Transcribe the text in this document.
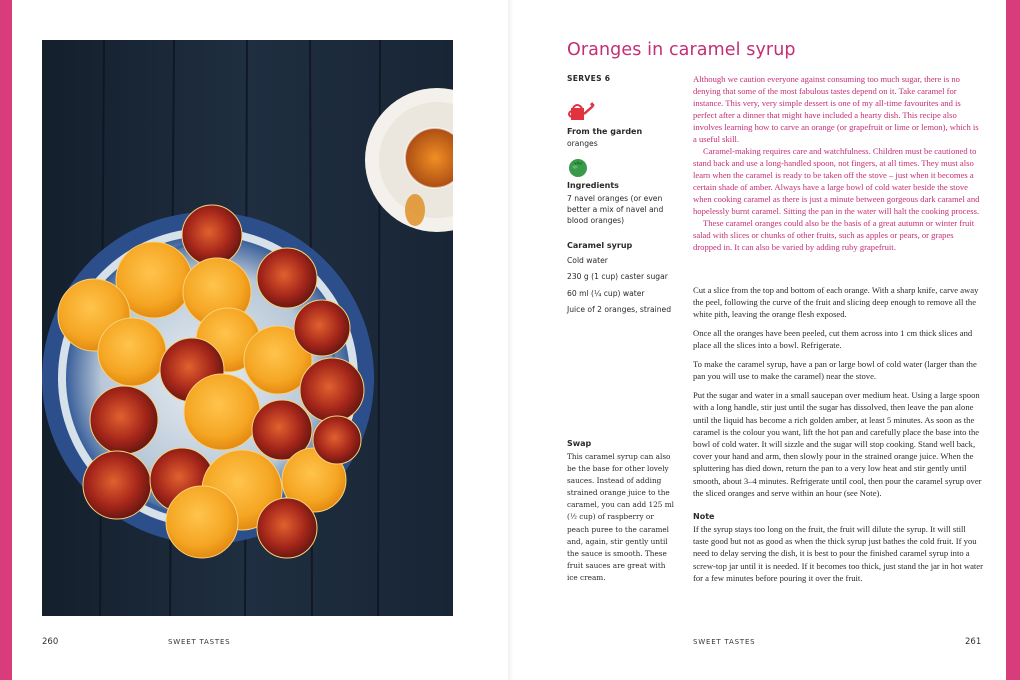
Oranges in caramel syrup
SERVES 6
From the garden
oranges
Ingredients
7 navel oranges (or even better a mix of navel and blood oranges)
Caramel syrup
Cold water
230 g (1 cup) caster sugar
60 ml (¼ cup) water
Juice of 2 oranges, strained
Swap

This caramel syrup can also be the base for other lovely sauces. Instead of adding strained orange juice to the caramel, you can add 125 ml (½ cup) of raspberry or peach puree to the caramel and, again, stir gently until the sauce is smooth. These fruit sauces are great with ice cream.

Although we caution everyone against consuming too much sugar, there is no denying that some of the most fabulous tastes depend on it. Take caramel for instance. This very, very simple dessert is one of my all-time favourites and is perfect after a dinner that might have included a hearty dish. This recipe also involves learning how to carve an orange (or grapefruit or lime or lemon), which is a useful skill.

Caramel-making requires care and watchfulness. Children must be cautioned to stand back and use a long-handled spoon, not fingers, at all times. They must also learn when the caramel is ready to be taken off the stove – just when it becomes a certain shade of amber. Always have a large bowl of cold water beside the stove when cooking caramel as there is just a minute between gorgeous dark caramel and hopelessly burnt caramel. Sitting the pan in the water will halt the cooking process.

These caramel oranges could also be the basis of a great autumn or winter fruit salad with slices or chunks of other fruits, such as apples or pears, or grapes dropped in. It can also be varied by adding ruby grapefruit.

Cut a slice from the top and bottom of each orange. With a sharp knife, carve away the peel, following the curve of the fruit and slicing deep enough to remove all the white pith, leaving the orange flesh exposed.

Once all the oranges have been peeled, cut them across into 1 cm thick slices and place all the slices into a bowl. Refrigerate.

To make the caramel syrup, have a pan or large bowl of cold water (larger than the pan you will use to make the caramel) near the stove.

Put the sugar and water in a small saucepan over medium heat. Using a large spoon with a long handle, stir just until the sugar has dissolved, then leave the pan alone until the liquid has become a rich golden amber, at least 5 minutes. As soon as the caramel is the colour you want, lift the hot pan and carefully place the base into the bowl of cold water. It will sizzle and the sugar will stop cooking. Stand well back, cover your hand and arm, then slowly pour in the strained orange juice. When the spluttering has died down, return the pan to a very low heat and stir gently until smooth, about 3–4 minutes. Refrigerate until cool, then pour the caramel syrup over the sliced oranges and serve within an hour (see Note).

Note

If the syrup stays too long on the fruit, the fruit will dilute the syrup. It will still taste good but not as good as when the thick syrup just bathes the cold fruit. If you need to delay serving the dish, it is best to pour the finished caramel syrup into a screw-top jar until it is needed. If it becomes too thick, just stand the jar in hot water for a few minutes before pouring it over the fruit.

260	SWEET TASTES	SWEET TASTES	261
